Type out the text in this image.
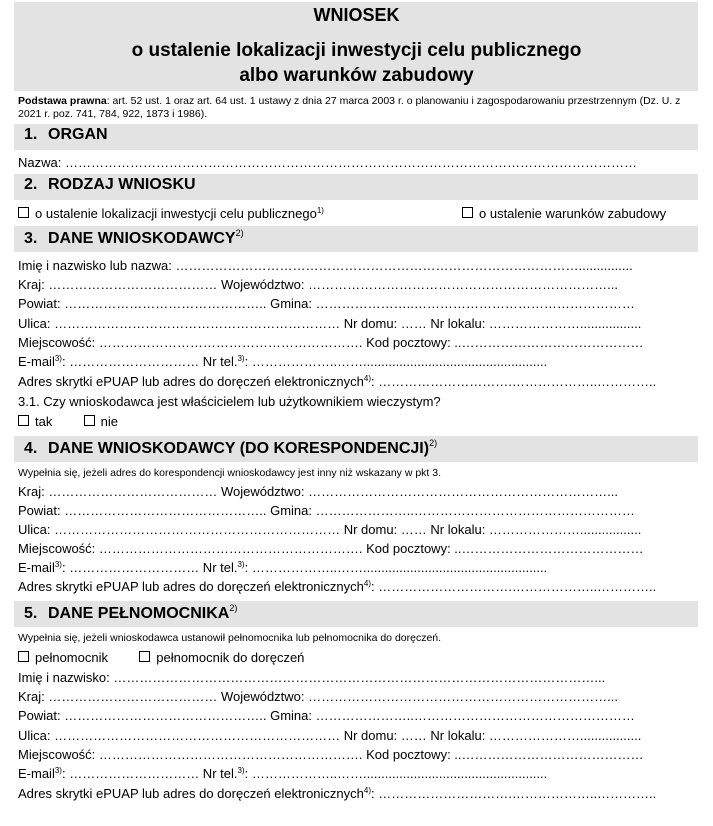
WNIOSEK
o ustalenie lokalizacji inwestycji celu publicznego
albo warunków zabudowy
Podstawa prawna: art. 52 ust. 1 oraz art. 64 ust. 1 ustawy z dnia 27 marca 2003 r. o planowaniu i zagospodarowaniu przestrzennym (Dz. U. z 2021 r. poz. 741, 784, 922, 1873 i 1986).
1. ORGAN
Nazwa: ……………………………………………………………………………………………………………………
2. RODZAJ WNIOSKU
o ustalenie lokalizacji inwestycji celu publicznego$^{1)}$	o ustalenie warunków zabudowy
3. DANE WNIOSKODAWCY$^{2)}$
Imię i nazwisko lub nazwa: …………………………………………………………………………………...............
Kraj: ………………………………… Województwo: ……………………………………………………………...
Powiat: ……………………………………….. Gmina: …………………..……………………………………………
Ulica: ………………………………………………………… Nr domu: …… Nr lokalu: ………………….................
Miejscowość: ……………………………………………………. Kod pocztowy: ..……………………………………
E-mail$^{3)}$: ………………………… Nr tel.$^{3)}$: ………………..……...................................................
Adres skrytki ePUAP lub adres do doręczeń elektronicznych$^{4)}$: ………………………….………………..…………..
3.1. Czy wnioskodawca jest właścicielem lub użytkownikiem wieczystym?
tak	nie
4. DANE WNIOSKODAWCY (DO KORESPONDENCJI)$^{2)}$
Wypełnia się, jeżeli adres do korespondencji wnioskodawcy jest inny niż wskazany w pkt 3.
Kraj: ………………………………… Województwo: ……………………………………………………………...
Powiat: ……………………………………….. Gmina: …………………..……………………………………………
Ulica: ………………………………………………………… Nr domu: …… Nr lokalu: ………………….................
Miejscowość: ……………………………………………………. Kod pocztowy: ..……………………………………
E-mail$^{3)}$: ………………………… Nr tel.$^{3)}$: ………………..……...................................................
Adres skrytki ePUAP lub adres do doręczeń elektronicznych$^{4)}$: ………………………….………………..…………..
5. DANE PEŁNOMOCNIKA$^{2)}$
Wypełnia się, jeżeli wnioskodawca ustanowił pełnomocnika lub pełnomocnika do doręczeń.
pełnomocnik	pełnomocnik do doręczeń
Imię i nazwisko: …………………………………………………………………………………………………...
Kraj: ………………………………… Województwo: ……………………………………………………………...
Powiat: ……………………………………….. Gmina: …………………..……………………………………………
Ulica: ………………………………………………………… Nr domu: …… Nr lokalu: ………………….................
Miejscowość: ……………………………………………………. Kod pocztowy: ..……………………………………
E-mail$^{3)}$: ………………………… Nr tel.$^{3)}$: ………………..……...................................................
Adres skrytki ePUAP lub adres do doręczeń elektronicznych$^{4)}$: ………………………….………………..…………..
